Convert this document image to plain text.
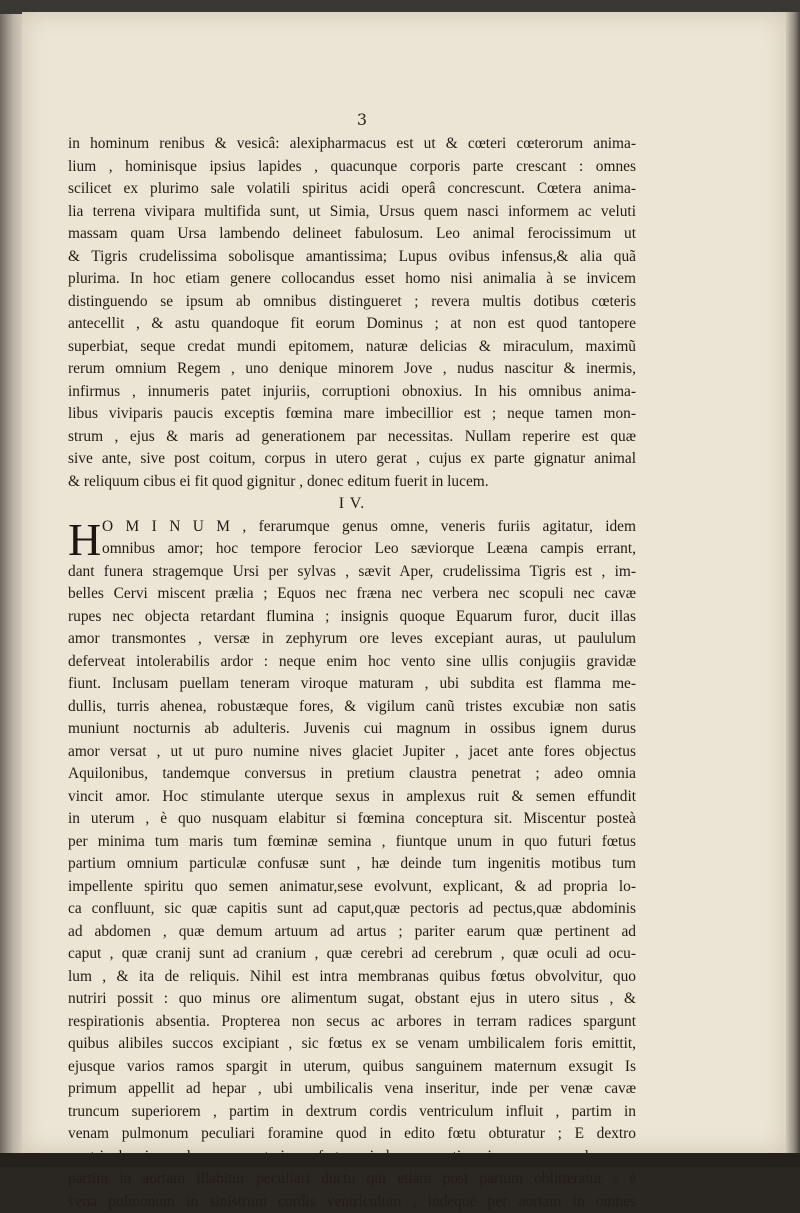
3
in hominum renibus & vesicâ: alexipharmacus est ut & cœteri cœterorum anima-
lium , hominisque ipsius lapides , quacunque corporis parte crescant : omnes
scilicet ex plurimo sale volatili spiritus acidi operâ concrescunt. Cœtera anima-
lia terrena vivipara multifida sunt, ut Simia, Ursus quem nasci informem ac veluti
massam quam Ursa lambendo delineet fabulosum. Leo animal ferocissimum ut
& Tigris crudelissima sobolisque amantissima; Lupus ovibus infensus,& alia quã
plurima. In hoc etiam genere collocandus esset homo nisi animalia à se invicem
distinguendo se ipsum ab omnibus distingueret ; revera multis dotibus cœteris
antecellit , & astu quandoque fit eorum Dominus ; at non est quod tantopere
superbiat, seque credat mundi epitomem, naturæ delicias & miraculum, maximũ
rerum omnium Regem , uno denique minorem Jove , nudus nascitur & inermis,
infirmus , innumeris patet injuriis, corruptioni obnoxius. In his omnibus anima-
libus viviparis paucis exceptis fœmina mare imbecillior est ; neque tamen mon-
strum , ejus & maris ad generationem par necessitas. Nullam reperire est quæ
sive ante, sive post coitum, corpus in utero gerat , cujus ex parte gignatur animal
& reliquum cibus ei fit quod gignitur , donec editum fuerit in lucem.
I V.
H O M I N U M , ferarumque genus omne, veneris furiis agitatur, idem
omnibus amor; hoc tempore ferocior Leo sæviorque Leæna campis errant,
dant funera stragemque Ursi per sylvas , sævit Aper, crudelissima Tigris est , im-
belles Cervi miscent prælia ; Equos nec fræna nec verbera nec scopuli nec cavæ
rupes nec objecta retardant flumina ; insignis quoque Equarum furor, ducit illas
amor transmontes , versæ in zephyrum ore leves excepiant auras, ut paululum
deferveat intolerabilis ardor : neque enim hoc vento sine ullis conjugiis gravidæ
fiunt. Inclusam puellam teneram viroque maturam , ubi subdita est flamma me-
dullis, turris ahenea, robustæque fores, & vigilum canũ tristes excubiæ non satis
muniunt nocturnis ab adulteris. Juvenis cui magnum in ossibus ignem durus
amor versat , ut ut puro numine nives glaciet Jupiter , jacet ante fores objectus
Aquilonibus, tandemque conversus in pretium claustra penetrat ; adeo omnia
vincit amor. Hoc stimulante uterque sexus in amplexus ruit & semen effundit
in uterum , è quo nusquam elabitur si fœmina conceptura sit. Miscentur posteà
per minima tum maris tum fœminæ semina , fiuntque unum in quo futuri fœtus
partium omnium particulæ confusæ sunt , hæ deinde tum ingenitis motibus tum
impellente spiritu quo semen animatur,sese evolvunt, explicant, & ad propria lo-
ca confluunt, sic quæ capitis sunt ad caput,quæ pectoris ad pectus,quæ abdominis
ad abdomen , quæ demum artuum ad artus ; pariter earum quæ pertinent ad
caput , quæ cranij sunt ad cranium , quæ cerebri ad cerebrum , quæ oculi ad ocu-
lum , & ita de reliquis. Nihil est intra membranas quibus fœtus obvolvitur, quo
nutriri possit : quo minus ore alimentum sugat, obstant ejus in utero situs , &
respirationis absentia. Propterea non secus ac arbores in terram radices spargunt
quibus alibiles succos excipiant , sic fœtus ex se venam umbilicalem foris emittit,
ejusque varios ramos spargit in uterum, quibus sanguinem maternum exsugit Is
primum appellit ad hepar , ubi umbilicalis vena inseritur, inde per venæ cavæ
truncum superiorem , partim in dextrum cordis ventriculum influit , partim in
venam pulmonum peculiari foramine quod in edito fœtu obturatur ; E dextro
partim in aortam illabitur peculiari ductu qui etiam post partum oblitteratur : è
vena pulmonum in sinistrum cordis ventriculum , indeque per aortam in omnes
